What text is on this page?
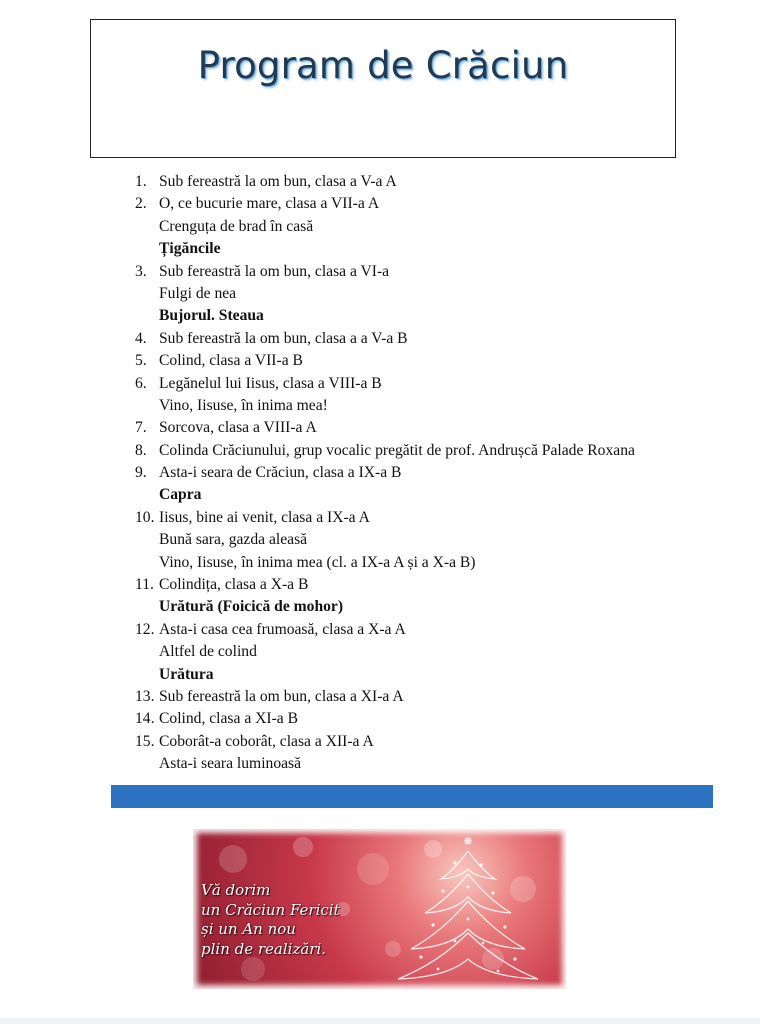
Program de Crăciun
1. Sub fereastră la om bun, clasa a V-a A
2. O, ce bucurie mare, clasa a VII-a A
Crenguța de brad în casă
Țigăncile
3. Sub fereastră la om bun, clasa a VI-a
Fulgi de nea
Bujorul. Steaua
4. Sub fereastră la om bun, clasa a a V-a B
5. Colind, clasa a VII-a B
6. Legănelul lui Iisus, clasa a VIII-a B
Vino, Iisuse, în inima mea!
7. Sorcova, clasa a VIII-a A
8. Colinda Crăciunului, grup vocalic pregătit de prof. Andrușcă Palade Roxana
9. Asta-i seara de Crăciun, clasa a IX-a B
Capra
10. Iisus, bine ai venit, clasa a IX-a A
Bună sara, gazda aleasă
Vino, Iisuse, în inima mea (cl. a IX-a A și a X-a B)
11. Colindița, clasa a X-a B
Urătură (Foicică de mohor)
12. Asta-i casa cea frumoasă, clasa a X-a A
Altfel de colind
Urătura
13. Sub fereastră la om bun, clasa a XI-a A
14. Colind, clasa a XI-a B
15. Coborât-a coborât, clasa a XII-a A
Asta-i seara luminoasă
Vă dorim
un Crăciun Fericit
și un An nou
plin de realizări.
